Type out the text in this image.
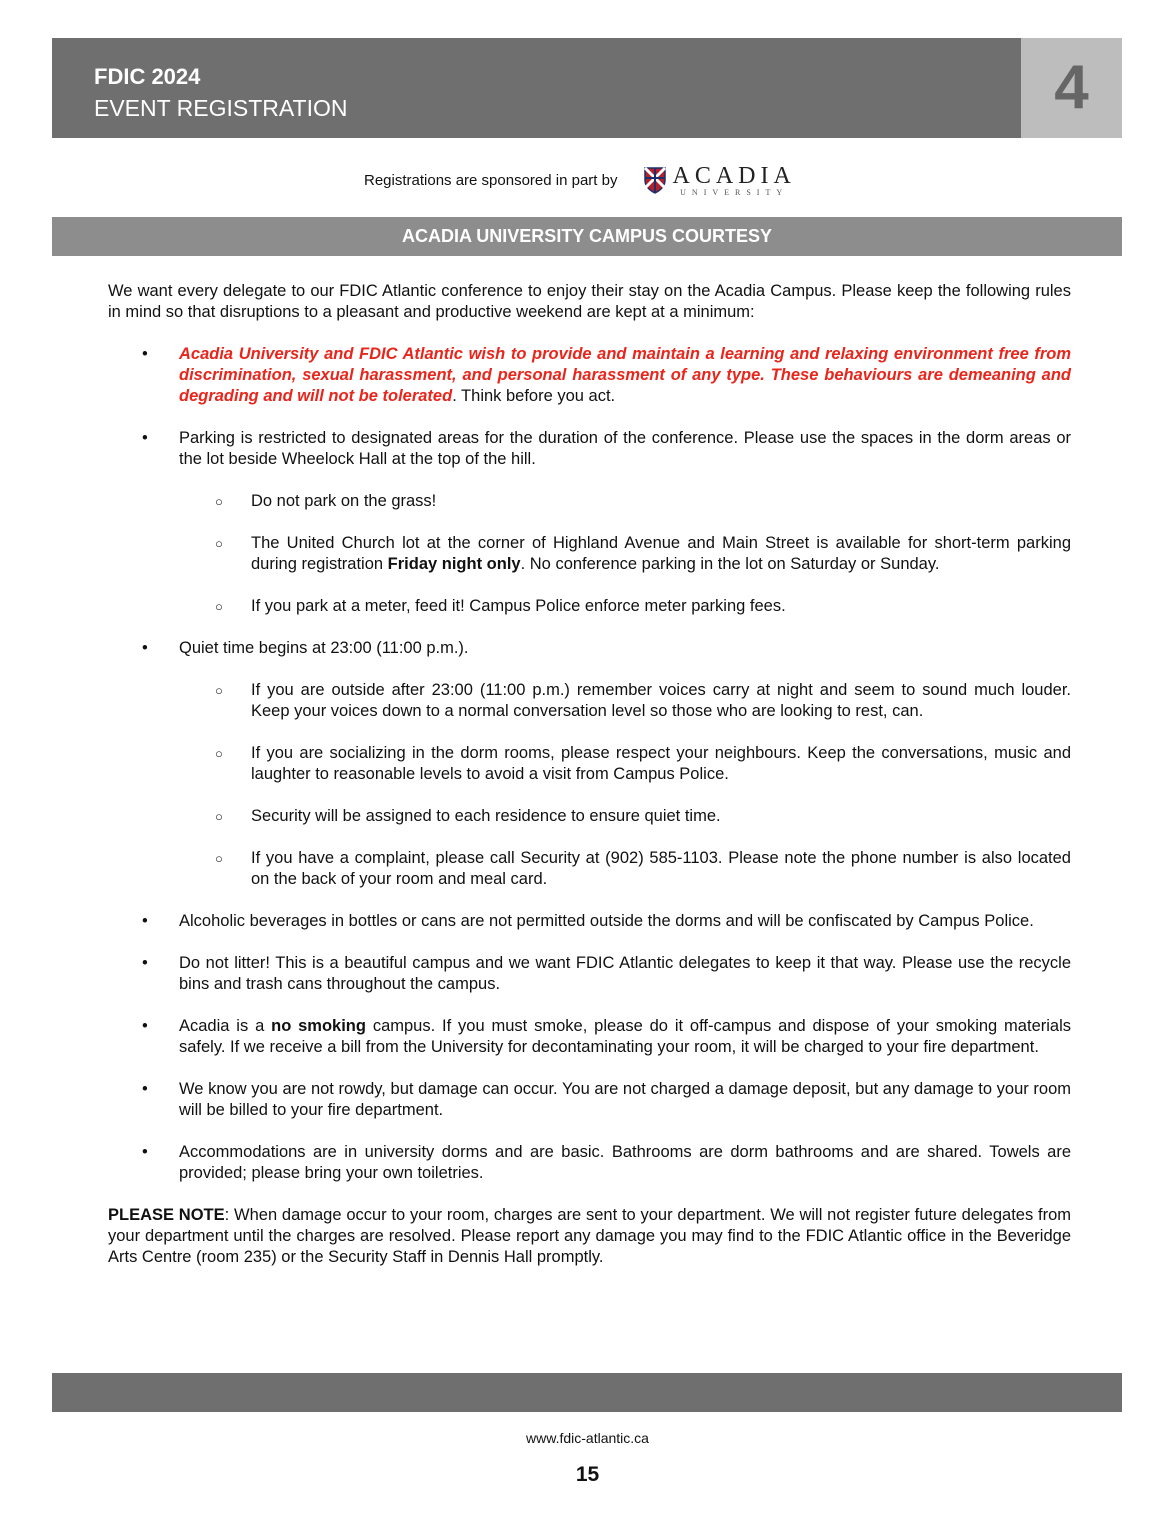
FDIC 2024
EVENT REGISTRATION	4
Registrations are sponsored in part by ACADIA
UNIVERSITY
ACADIA UNIVERSITY CAMPUS COURTESY

We want every delegate to our FDIC Atlantic conference to enjoy their stay on the Acadia Campus. Please keep the following rules in mind so that disruptions to a pleasant and productive weekend are kept at a minimum:

• Acadia University and FDIC Atlantic wish to provide and maintain a learning and relaxing environment free from discrimination, sexual harassment, and personal harassment of any type. These behaviours are demeaning and degrading and will not be tolerated. Think before you act.
• Parking is restricted to designated areas for the duration of the conference. Please use the spaces in the dorm areas or the lot beside Wheelock Hall at the top of the hill.
○ Do not park on the grass!
○ The United Church lot at the corner of Highland Avenue and Main Street is available for short-term parking during registration Friday night only. No conference parking in the lot on Saturday or Sunday.
○ If you park at a meter, feed it! Campus Police enforce meter parking fees.
• Quiet time begins at 23:00 (11:00 p.m.).
○ If you are outside after 23:00 (11:00 p.m.) remember voices carry at night and seem to sound much louder. Keep your voices down to a normal conversation level so those who are looking to rest, can.
○ If you are socializing in the dorm rooms, please respect your neighbours. Keep the conversations, music and laughter to reasonable levels to avoid a visit from Campus Police.
○ Security will be assigned to each residence to ensure quiet time.
○ If you have a complaint, please call Security at (902) 585-1103. Please note the phone number is also located on the back of your room and meal card.
• Alcoholic beverages in bottles or cans are not permitted outside the dorms and will be confiscated by Campus Police.
• Do not litter! This is a beautiful campus and we want FDIC Atlantic delegates to keep it that way. Please use the recycle bins and trash cans throughout the campus.
• Acadia is a no smoking campus. If you must smoke, please do it off-campus and dispose of your smoking materials safely. If we receive a bill from the University for decontaminating your room, it will be charged to your fire department.
• We know you are not rowdy, but damage can occur. You are not charged a damage deposit, but any damage to your room will be billed to your fire department.
• Accommodations are in university dorms and are basic. Bathrooms are dorm bathrooms and are shared. Towels are provided; please bring your own toiletries.

PLEASE NOTE: When damage occur to your room, charges are sent to your department. We will not register future delegates from your department until the charges are resolved. Please report any damage you may find to the FDIC Atlantic office in the Beveridge Arts Centre (room 235) or the Security Staff in Dennis Hall promptly.

www.fdic-atlantic.ca
15
